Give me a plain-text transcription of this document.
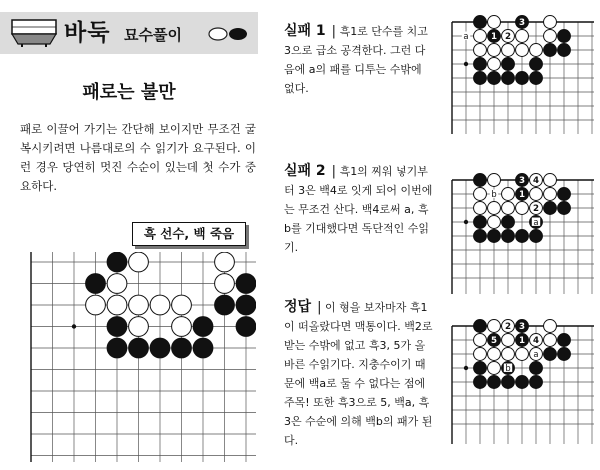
바둑 묘수풀이
패로는 불만
패로 이끌어 가기는 간단해 보이지만 무조건 굴복시키려면 나름대로의 수 읽기가 요구된다. 이런 경우 당연히 멋진 수순이 있는데 첫 수가 중요하다.
흑 선수, 백 죽음
실패 1 | 흑1로 단수를 치고 3으로 급소 공격한다. 그런 다음에 a의 패를 디투는 수밖에 없다.
실패 2 | 흑1의 찌워 넣기부터 3은 백4로 잇게 되어 이번에는 무조건 산다. 백4로써 a, 흑b를 기대했다면 독단적인 수읽기.
정답 | 이 형을 보자마자 흑1이 떠올랐다면 맥통이다. 백2로 받는 수밖에 없고 흑3, 5가 올바른 수읽기다. 지충수이기 때문에 백a로 둘 수 없다는 점에 주목! 또한 흑3으로 5, 백a, 흑3은 수순에 의해 백b의 패가 된다.
3
1 2
a
3 4
1
2
b
a
2 3
5	1 4
a
b
